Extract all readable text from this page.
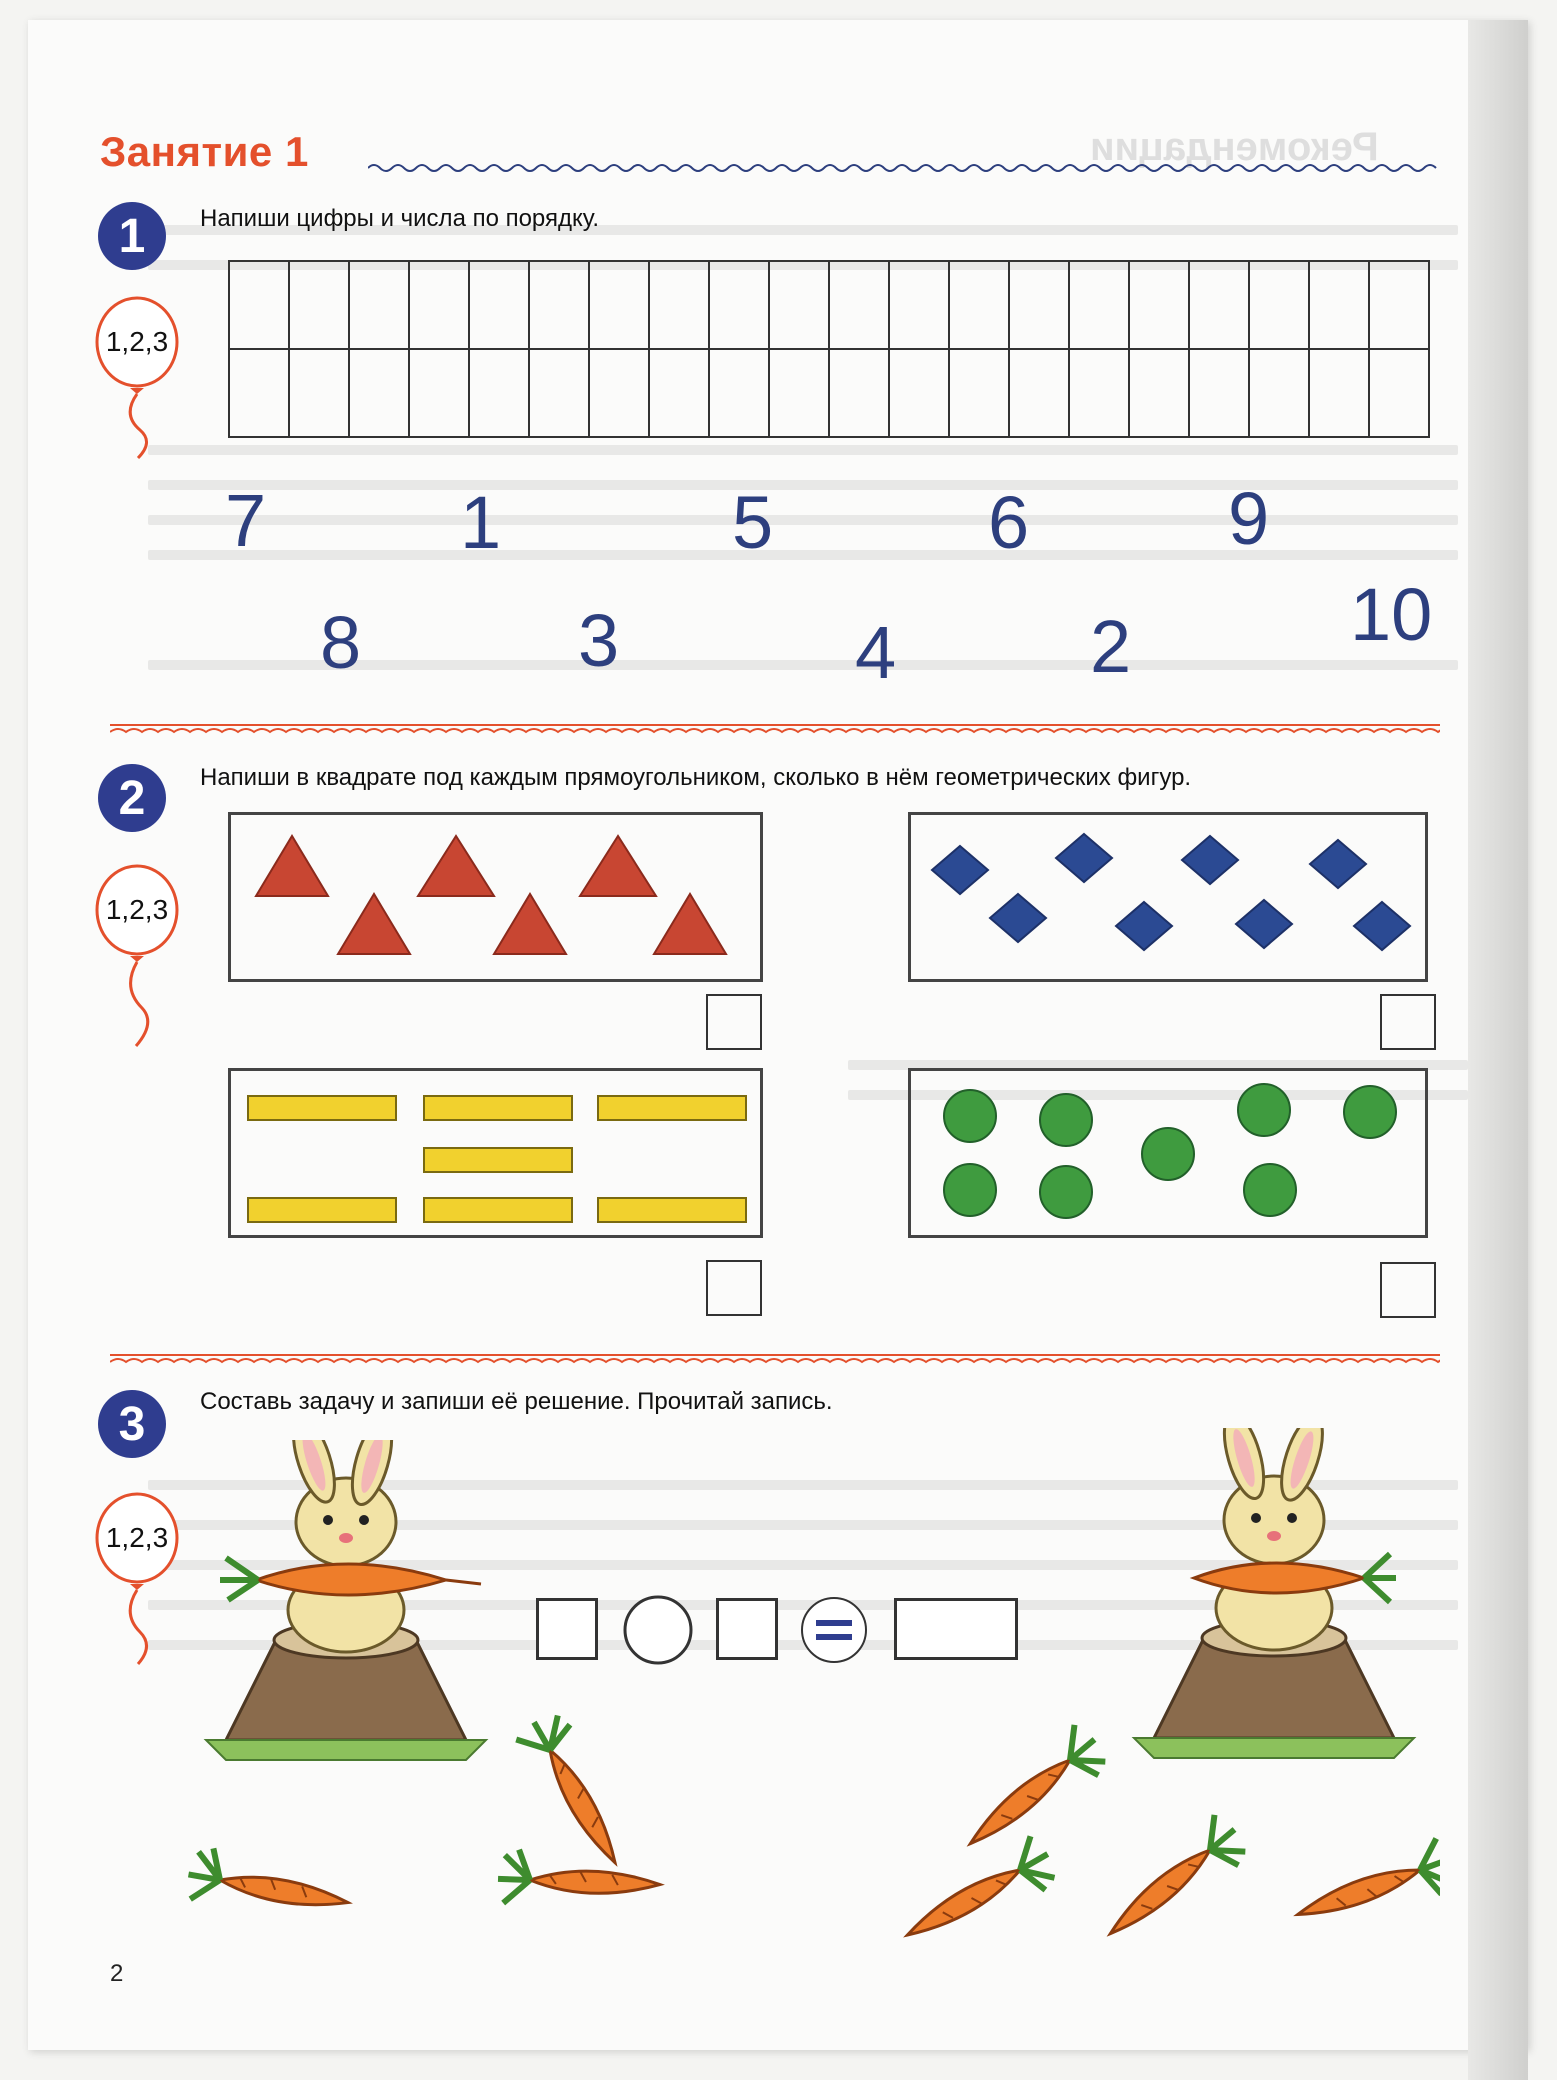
Занятие 1	Рекомендации
1	Напиши цифры и числа по порядку.
1,2,3
7	1	5	6	9
8	3	4	2	10
2	Напиши в квадрате под каждым прямоугольником, сколько в нём геометрических фигур.
1,2,3
3	Составь задачу и запиши её решение. Прочитай запись.
1,2,3
2
